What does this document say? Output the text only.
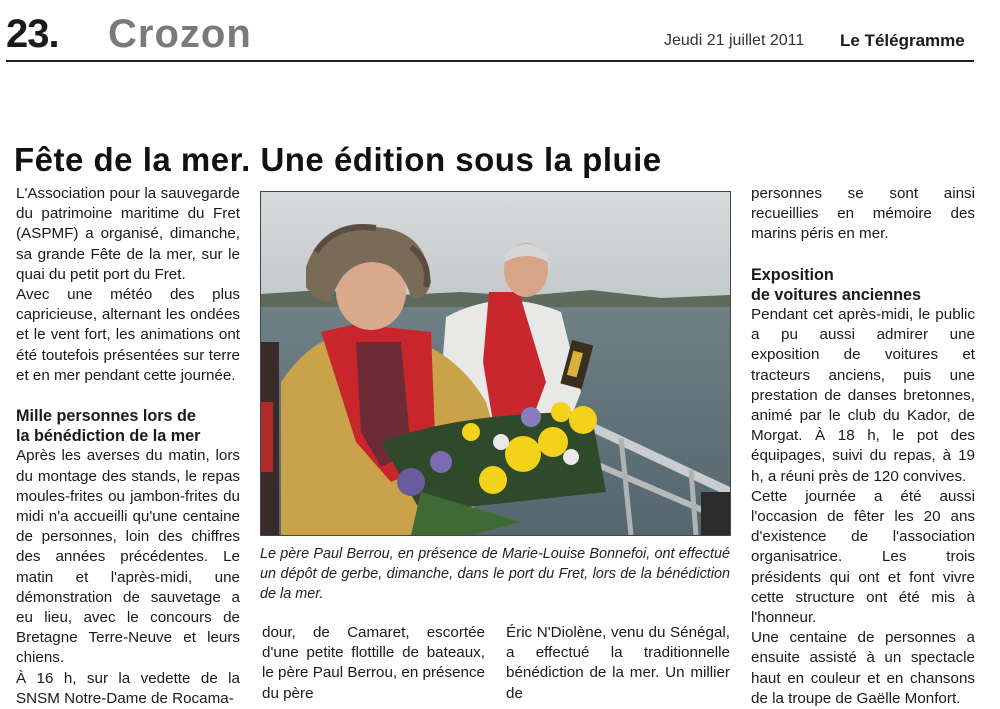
23. Crozon	Jeudi 21 juillet 2011 Le Télégramme
Fête de la mer. Une édition sous la pluie

L'Association pour la sauvegarde du patrimoine maritime du Fret (ASPMF) a organisé, dimanche, sa grande Fête de la mer, sur le quai du petit port du Fret.

Avec une météo des plus capricieuse, alternant les ondées et le vent fort, les animations ont été toutefois présentées sur terre et en mer pendant cette journée.

Mille personnes lors de
la bénédiction de la mer

Après les averses du matin, lors du montage des stands, le repas moules-frites ou jambon-frites du midi n'a accueilli qu'une centaine de personnes, loin des chiffres des années précédentes. Le matin et l'après-midi, une démonstration de sauvetage a eu lieu, avec le concours de Bretagne Terre-Neuve et leurs chiens.

À 16 h, sur la vedette de la SNSM Notre-Dame de Rocama-

Le père Paul Berrou, en présence de Marie-Louise Bonnefoi, ont effectué un dépôt de gerbe, dimanche, dans le port du Fret, lors de la bénédiction de la mer.

dour, de Camaret, escortée d'une petite flottille de bateaux, le père Paul Berrou, en présence du père

Éric N'Diolène, venu du Sénégal, a effectué la traditionnelle bénédiction de la mer. Un millier de

personnes se sont ainsi recueillies en mémoire des marins péris en mer.

Exposition
de voitures anciennes

Pendant cet après-midi, le public a pu aussi admirer une exposition de voitures et tracteurs anciens, puis une prestation de danses bretonnes, animé par le club du Kador, de Morgat. À 18 h, le pot des équipages, suivi du repas, à 19 h, a réuni près de 120 convives.

Cette journée a été aussi l'occasion de fêter les 20 ans d'existence de l'association organisatrice. Les trois présidents qui ont et font vivre cette structure ont été mis à l'honneur.

Une centaine de personnes a ensuite assisté à un spectacle haut en couleur et en chansons de la troupe de Gaëlle Monfort.
